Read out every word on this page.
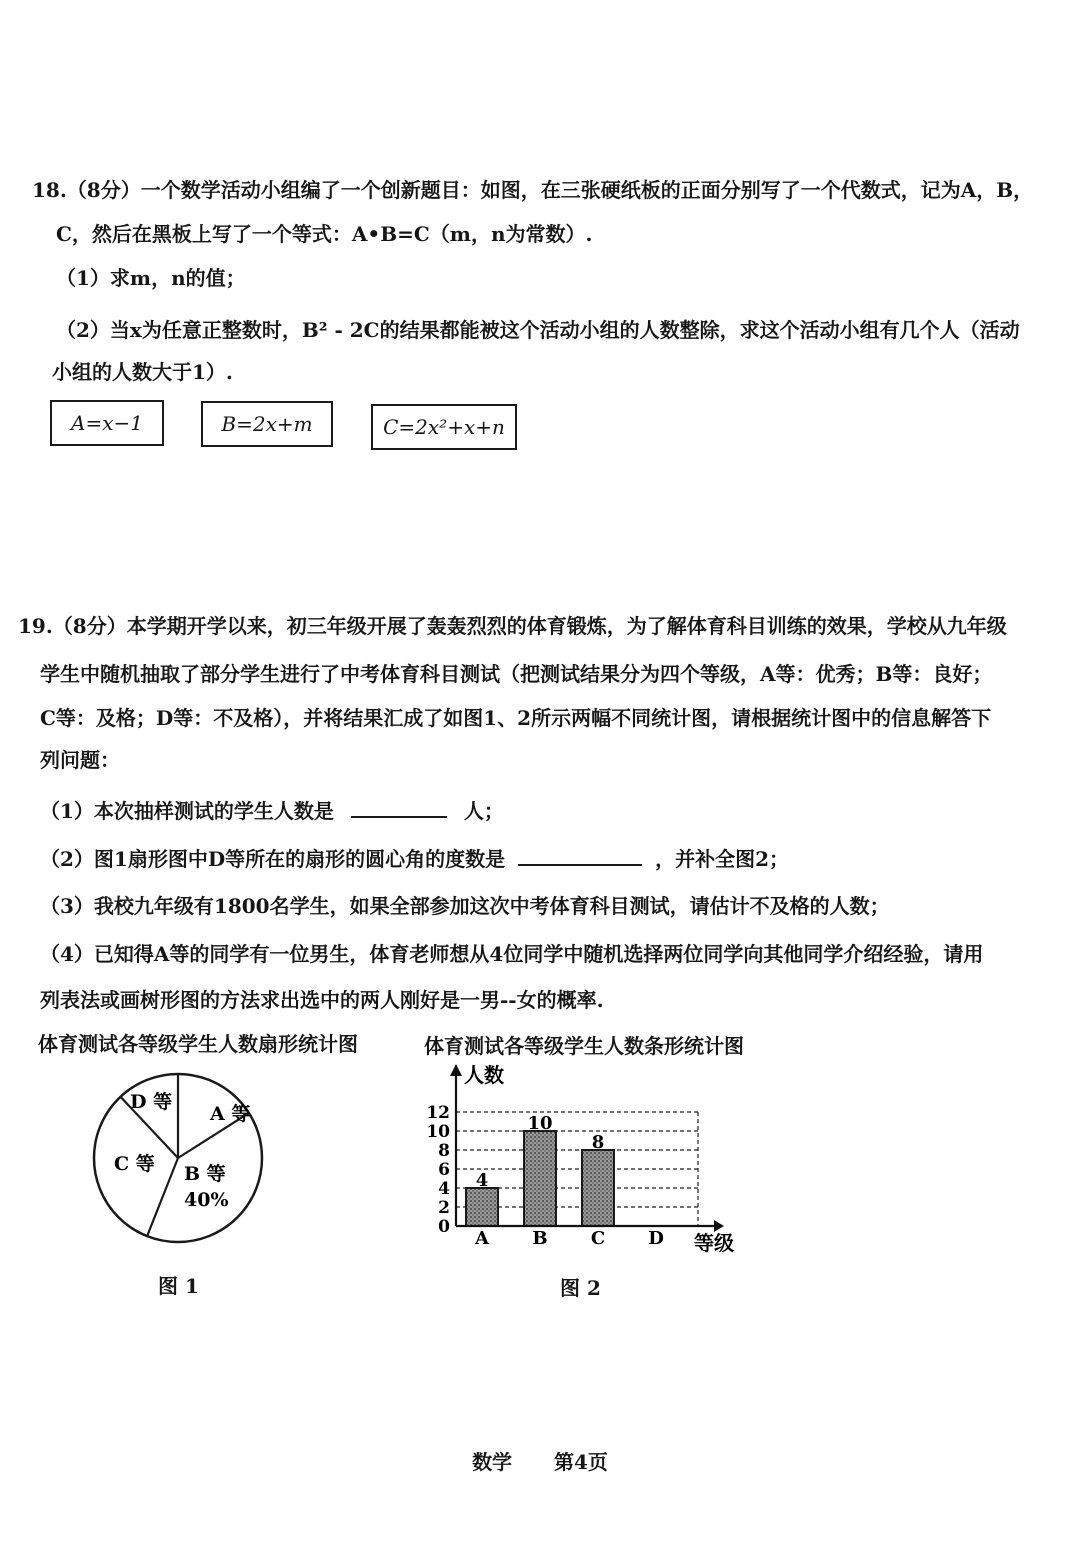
18.（8分）一个数学活动小组编了一个创新题目：如图，在三张硬纸板的正面分别写了一个代数式，记为A，B，
C，然后在黑板上写了一个等式：A•B=C（m，n为常数）.
（1）求m，n的值；
（2）当x为任意正整数时，B² - 2C的结果都能被这个活动小组的人数整除，求这个活动小组有几个人（活动
小组的人数大于1）.
A=x−1	B=2x+m	C=2x²+x+n
19.（8分）本学期开学以来，初三年级开展了轰轰烈烈的体育锻炼，为了解体育科目训练的效果，学校从九年级
学生中随机抽取了部分学生进行了中考体育科目测试（把测试结果分为四个等级，A等：优秀；B等：良好；
C等：及格；D等：不及格），并将结果汇成了如图1、2所示两幅不同统计图，请根据统计图中的信息解答下
列问题：
（1）本次抽样测试的学生人数是	人；
（2）图1扇形图中D等所在的扇形的圆心角的度数是	，并补全图2；
（3）我校九年级有1800名学生，如果全部参加这次中考体育科目测试，请估计不及格的人数；
（4）已知得A等的同学有一位男生，体育老师想从4位同学中随机选择两位同学向其他同学介绍经验，请用
列表法或画树形图的方法求出选中的两人刚好是一男--女的概率.
体育测试各等级学生人数扇形统计图	体育测试各等级学生人数条形统计图
A 等
D 等
C 等 B 等
40%
图 1
4
10
8
0
2
4
6
8
10
12
A B C D
人数
等级
图 2
数学 第4页
